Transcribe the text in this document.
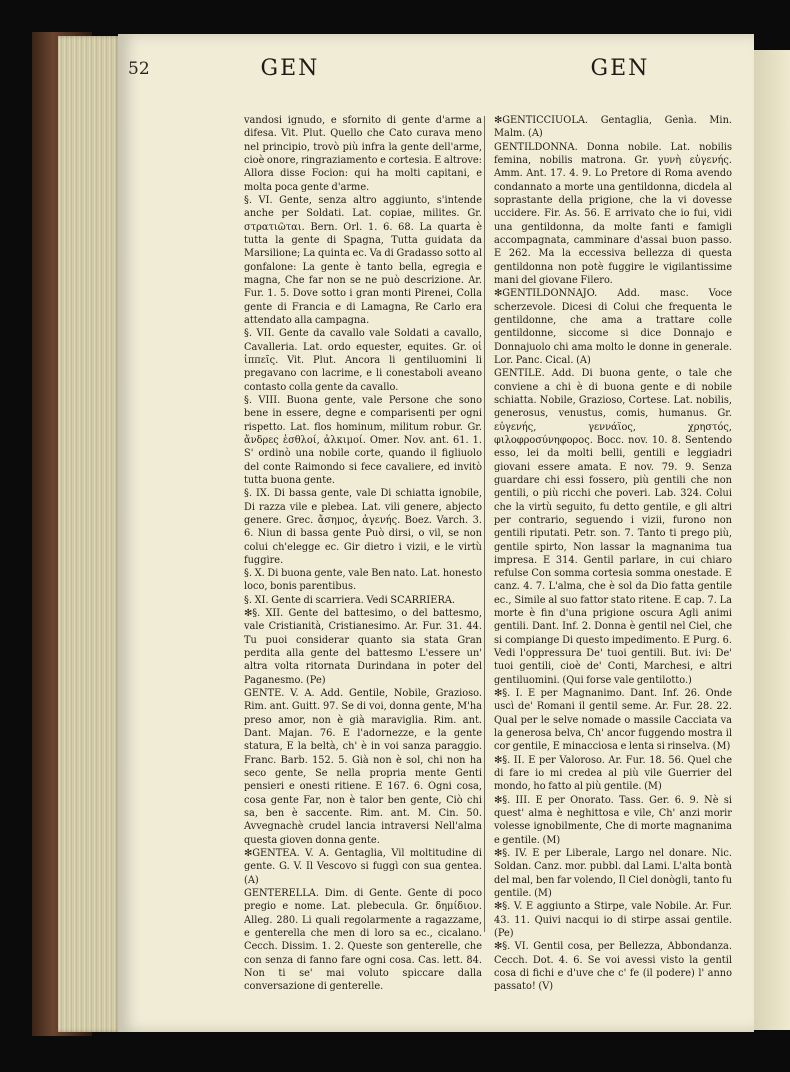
52	GEN	GEN

vandosi ignudo, e sfornito di gente d'arme a difesa. Vit. Plut. Quello che Cato curava meno nel principio, trovò più infra la gente dell'arme, cioè onore, ringraziamento e cortesia. E altrove: Allora disse Focion: qui ha molti capitani, e molta poca gente d'arme.

§. VI. Gente, senza altro aggiunto, s'intende anche per Soldati. Lat. copiae, milites. Gr. στρατιῶται. Bern. Orl. 1. 6. 68. La quarta è tutta la gente di Spagna, Tutta guidata da Marsilione; La quinta ec. Va di Gradasso sotto al gonfalone: La gente è tanto bella, egregia e magna, Che far non se ne può descrizione. Ar. Fur. 1. 5. Dove sotto i gran monti Pirenei, Colla gente di Francia e di Lamagna, Re Carlo era attendato alla campagna.

§. VII. Gente da cavallo vale Soldati a cavallo, Cavalleria. Lat. ordo equester, equites. Gr. οἱ ἱππεῖς. Vit. Plut. Ancora li gentiluomini li pregavano con lacrime, e li conestaboli aveano contasto colla gente da cavallo.

§. VIII. Buona gente, vale Persone che sono bene in essere, degne e comparisenti per ogni rispetto. Lat. flos hominum, militum robur. Gr. ἄνδρες ἐσθλοί, ἀλκιμοί. Omer. Nov. ant. 61. 1. S' ordinò una nobile corte, quando il figliuolo del conte Raimondo si fece cavaliere, ed invitò tutta buona gente.

§. IX. Di bassa gente, vale Di schiatta ignobile, Di razza vile e plebea. Lat. vili genere, abjecto genere. Grec. ἄσημος, ἀγενής. Boez. Varch. 3. 6. Niun di bassa gente Può dirsi, o vil, se non colui ch'elegge ec. Gir dietro i vizii, e le virtù fuggire.

§. X. Di buona gente, vale Ben nato. Lat. honesto loco, bonis parentibus.

§. XI. Gente di scarriera. Vedi SCARRIERA.

✻§. XII. Gente del battesimo, o del battesmo, vale Cristianità, Cristianesimo. Ar. Fur. 31. 44. Tu puoi considerar quanto sia stata Gran perdita alla gente del battesmo L'essere un' altra volta ritornata Durindana in poter del Paganesmo. (Pe)

GENTE. V. A. Add. Gentile, Nobile, Grazioso. Rim. ant. Guitt. 97. Se di voi, donna gente, M'ha preso amor, non è già maraviglia. Rim. ant. Dant. Majan. 76. E l'adornezze, e la gente statura, E la beltà, ch' è in voi sanza paraggio. Franc. Barb. 152. 5. Già non è sol, chi non ha seco gente, Se nella propria mente Genti pensieri e onesti ritiene. E 167. 6. Ogni cosa, cosa gente Far, non è talor ben gente, Ciò chi sa, ben è saccente. Rim. ant. M. Cin. 50. Avvegnachè crudel lancia intraversi Nell'alma questa gioven donna gente.

✻GENTEA. V. A. Gentaglia, Vil moltitudine di gente. G. V. Il Vescovo si fuggì con sua gentea. (A)

GENTERELLA. Dim. di Gente. Gente di poco pregio e nome. Lat. plebecula. Gr. δημίδιον. Alleg. 280. Li quali regolarmente a ragazzame, e genterella che men di loro sa ec., cicalano. Cecch. Dissim. 1. 2. Queste son genterelle, che con senza di fanno fare ogni cosa. Cas. lett. 84. Non ti se' mai voluto spiccare dalla conversazione di genterelle.

✻GENTICCIUOLA. Gentaglia, Genìa. Min. Malm. (A)

GENTILDONNA. Donna nobile. Lat. nobilis femina, nobilis matrona. Gr. γυνὴ εὐγενής. Amm. Ant. 17. 4. 9. Lo Pretore di Roma avendo condannato a morte una gentildonna, dicdela al soprastante della prigione, che la vi dovesse uccidere. Fir. As. 56. E arrivato che io fui, vidi una gentildonna, da molte fanti e famigli accompagnata, camminare d'assai buon passo. E 262. Ma la eccessiva bellezza di questa gentildonna non potè fuggire le vigilantissime mani del giovane Filero.

✻GENTILDONNAJO. Add. masc. Voce scherzevole. Dicesi di Colui che frequenta le gentildonne, che ama a trattare colle gentildonne, siccome si dice Donnajo e Donnajuolo chi ama molto le donne in generale. Lor. Panc. Cical. (A)

GENTILE. Add. Di buona gente, o tale che conviene a chi è di buona gente e di nobile schiatta. Nobile, Grazioso, Cortese. Lat. nobilis, generosus, venustus, comis, humanus. Gr. εὐγενής, γεννάϊος, χρηστός, φιλοφροσύνηφορος. Bocc. nov. 10. 8. Sentendo esso, lei da molti belli, gentili e leggiadri giovani essere amata. E nov. 79. 9. Senza guardare chi essi fossero, più gentili che non gentili, o più ricchi che poveri. Lab. 324. Colui che la virtù seguito, fu detto gentile, e gli altri per contrario, seguendo i vizii, furono non gentili riputati. Petr. son. 7. Tanto ti prego più, gentile spirto, Non lassar la magnanima tua impresa. E 314. Gentil parlare, in cui chiaro refulse Con somma cortesia somma onestade. E canz. 4. 7. L'alma, che è sol da Dio fatta gentile ec., Simile al suo fattor stato ritene. E cap. 7. La morte è fin d'una prigione oscura Agli animi gentili. Dant. Inf. 2. Donna è gentil nel Ciel, che si compiange Di questo impedimento. E Purg. 6. Vedi l'oppressura De' tuoi gentili. But. ivi: De' tuoi gentili, cioè de' Conti, Marchesi, e altri gentiluomini. (Qui forse vale gentilotto.)

✻§. I. E per Magnanimo. Dant. Inf. 26. Onde uscì de' Romani il gentil seme. Ar. Fur. 28. 22. Qual per le selve nomade o massile Cacciata va la generosa belva, Ch' ancor fuggendo mostra il cor gentile, E minacciosa e lenta si rinselva. (M)

✻§. II. E per Valoroso. Ar. Fur. 18. 56. Quel che di fare io mi credea al più vile Guerrier del mondo, ho fatto al più gentile. (M)

✻§. III. E per Onorato. Tass. Ger. 6. 9. Nè si quest' alma è neghittosa e vile, Ch' anzi morir volesse ignobilmente, Che di morte magnanima e gentile. (M)

✻§. IV. E per Liberale, Largo nel donare. Nic. Soldan. Canz. mor. pubbl. dal Lami. L'alta bontà del mal, ben far volendo, Il Ciel donògli, tanto fu gentile. (M)

✻§. V. E aggiunto a Stirpe, vale Nobile. Ar. Fur. 43. 11. Quivi nacqui io di stirpe assai gentile. (Pe)

✻§. VI. Gentil cosa, per Bellezza, Abbondanza. Cecch. Dot. 4. 6. Se voi avessi visto la gentil cosa di fichi e d'uve che c' fe (il podere) l' anno passato! (V)
